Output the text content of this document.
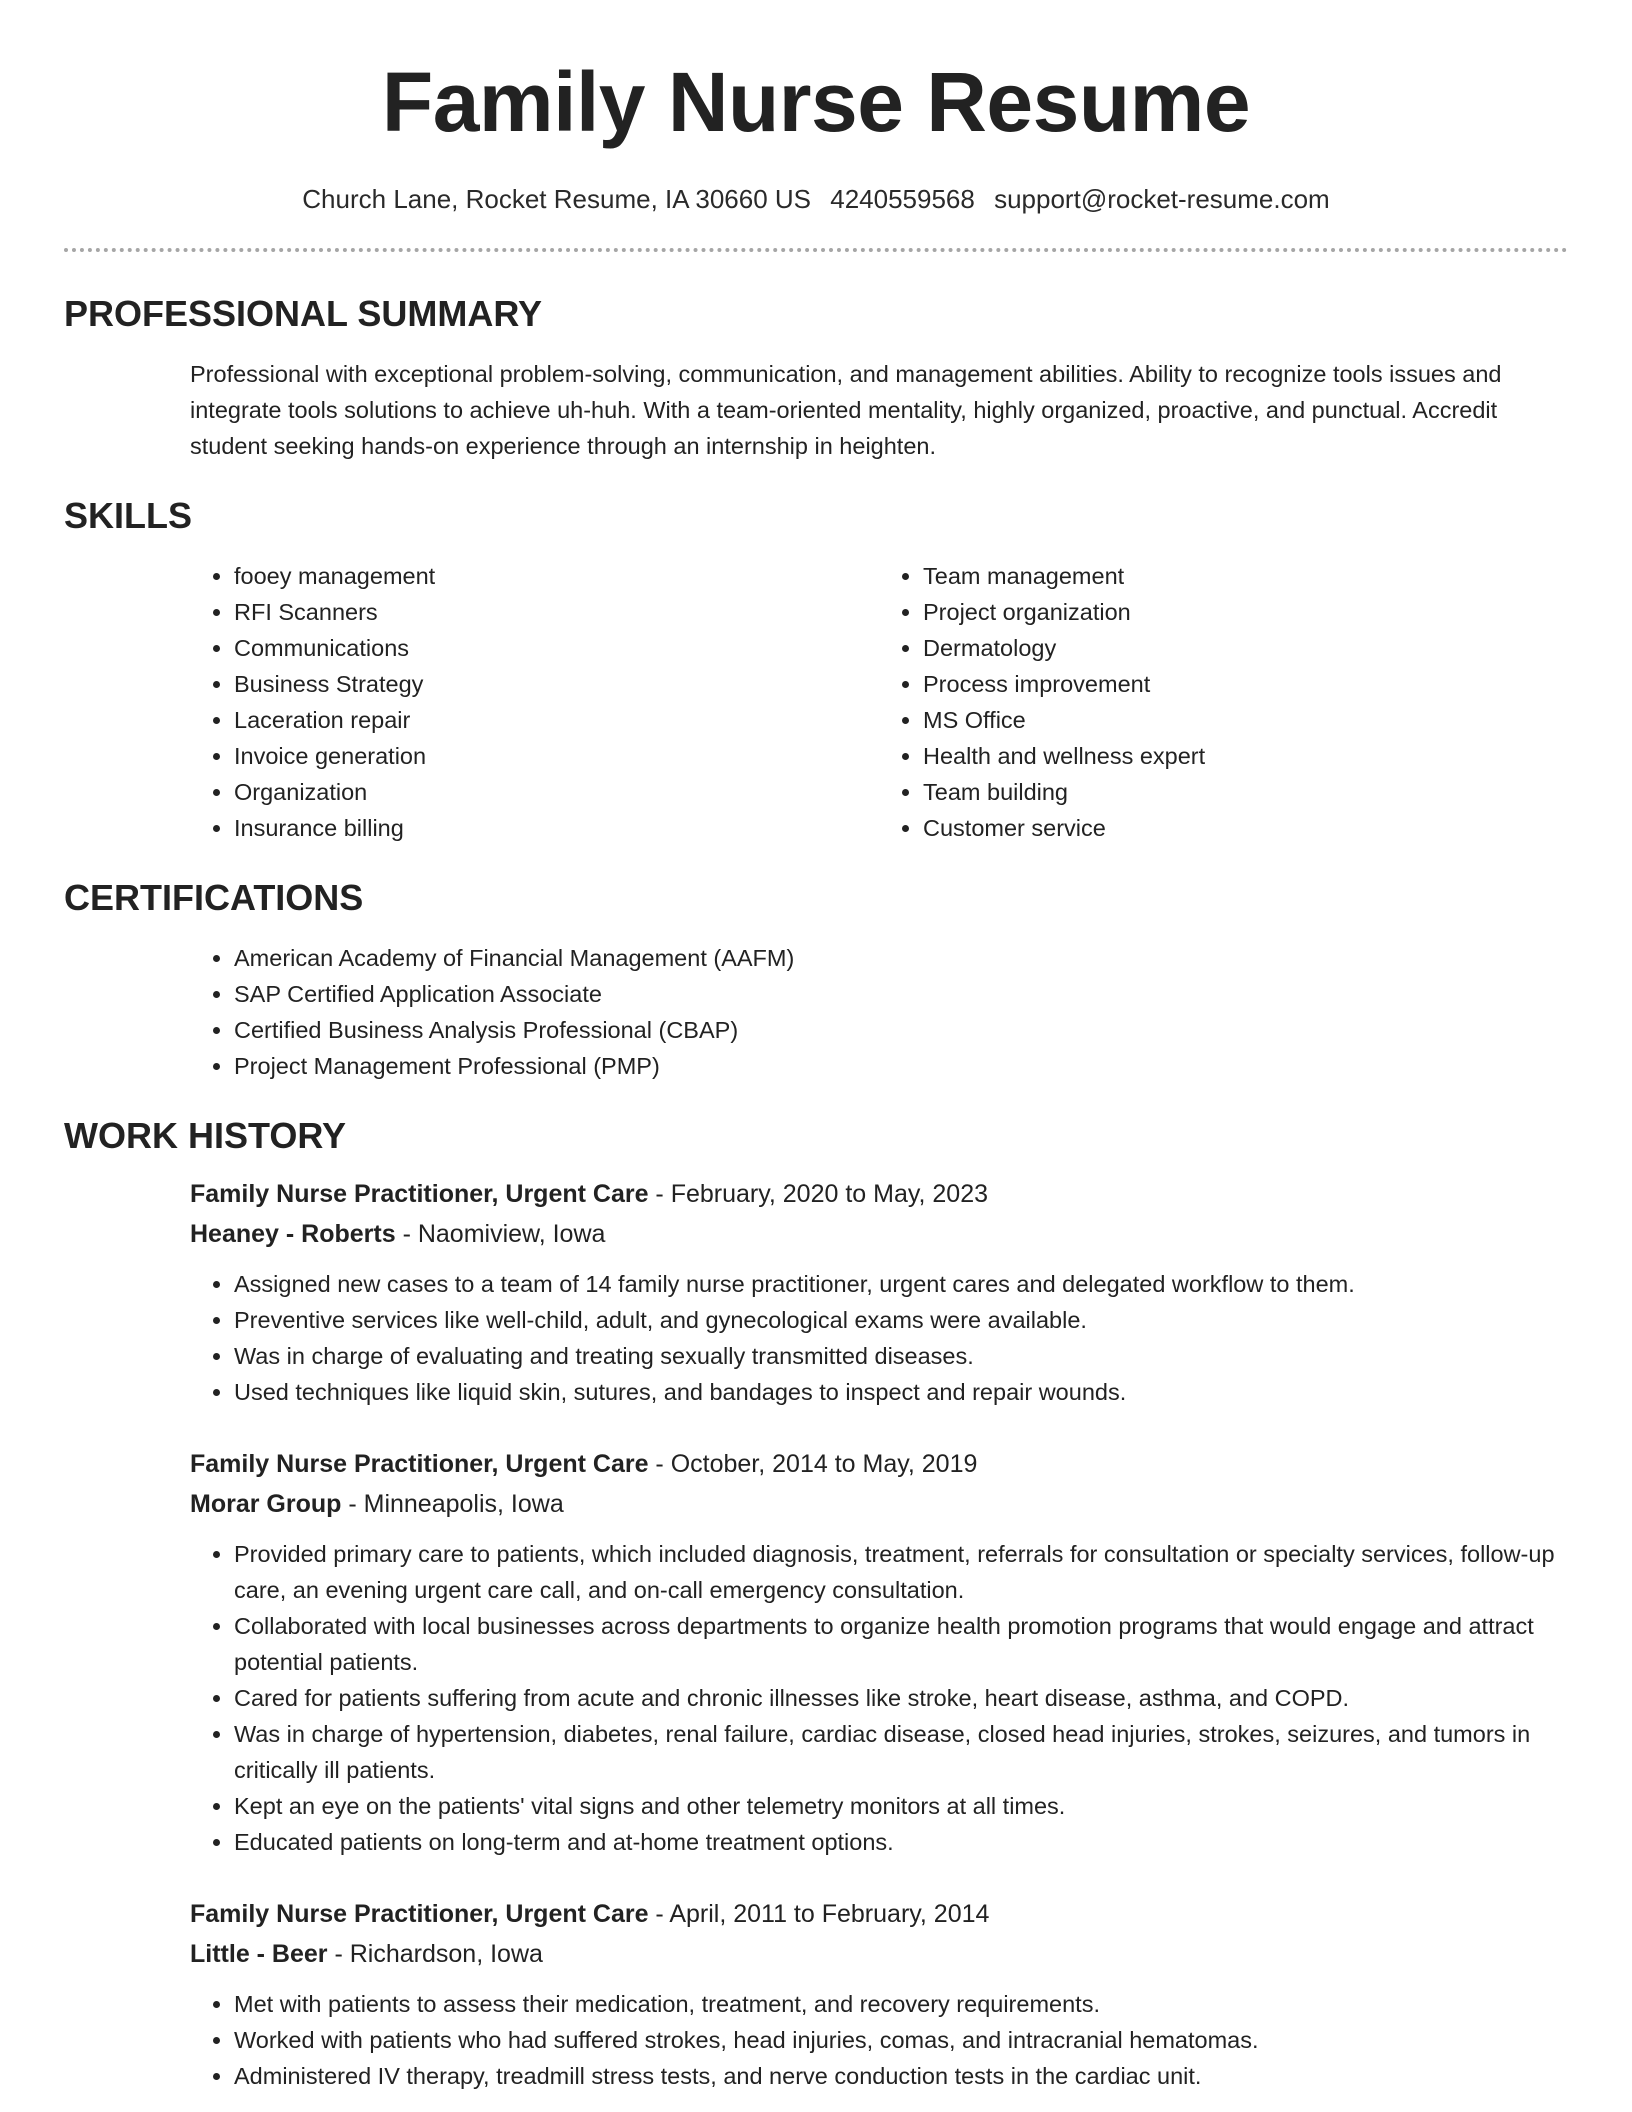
Family Nurse Resume
Church Lane, Rocket Resume, IA 30660 US 4240559568 support@rocket-resume.com
PROFESSIONAL SUMMARY
Professional with exceptional problem-solving, communication, and management abilities. Ability to recognize tools issues and integrate tools solutions to achieve uh-huh. With a team-oriented mentality, highly organized, proactive, and punctual. Accredit student seeking hands-on experience through an internship in heighten.
SKILLS
• fooey management
• RFI Scanners
• Communications
• Business Strategy
• Laceration repair
• Invoice generation
• Organization
• Insurance billing
• Team management
• Project organization
• Dermatology
• Process improvement
• MS Office
• Health and wellness expert
• Team building
• Customer service
CERTIFICATIONS
• American Academy of Financial Management (AAFM)
• SAP Certified Application Associate
• Certified Business Analysis Professional (CBAP)
• Project Management Professional (PMP)
WORK HISTORY
Family Nurse Practitioner, Urgent Care - February, 2020 to May, 2023
Heaney - Roberts - Naomiview, Iowa
• Assigned new cases to a team of 14 family nurse practitioner, urgent cares and delegated workflow to them.
• Preventive services like well-child, adult, and gynecological exams were available.
• Was in charge of evaluating and treating sexually transmitted diseases.
• Used techniques like liquid skin, sutures, and bandages to inspect and repair wounds.
Family Nurse Practitioner, Urgent Care - October, 2014 to May, 2019
Morar Group - Minneapolis, Iowa
• Provided primary care to patients, which included diagnosis, treatment, referrals for consultation or specialty services, follow-up care, an evening urgent care call, and on-call emergency consultation.
• Collaborated with local businesses across departments to organize health promotion programs that would engage and attract potential patients.
• Cared for patients suffering from acute and chronic illnesses like stroke, heart disease, asthma, and COPD.
• Was in charge of hypertension, diabetes, renal failure, cardiac disease, closed head injuries, strokes, seizures, and tumors in critically ill patients.
• Kept an eye on the patients' vital signs and other telemetry monitors at all times.
• Educated patients on long-term and at-home treatment options.
Family Nurse Practitioner, Urgent Care - April, 2011 to February, 2014
Little - Beer - Richardson, Iowa
• Met with patients to assess their medication, treatment, and recovery requirements.
• Worked with patients who had suffered strokes, head injuries, comas, and intracranial hematomas.
• Administered IV therapy, treadmill stress tests, and nerve conduction tests in the cardiac unit.
